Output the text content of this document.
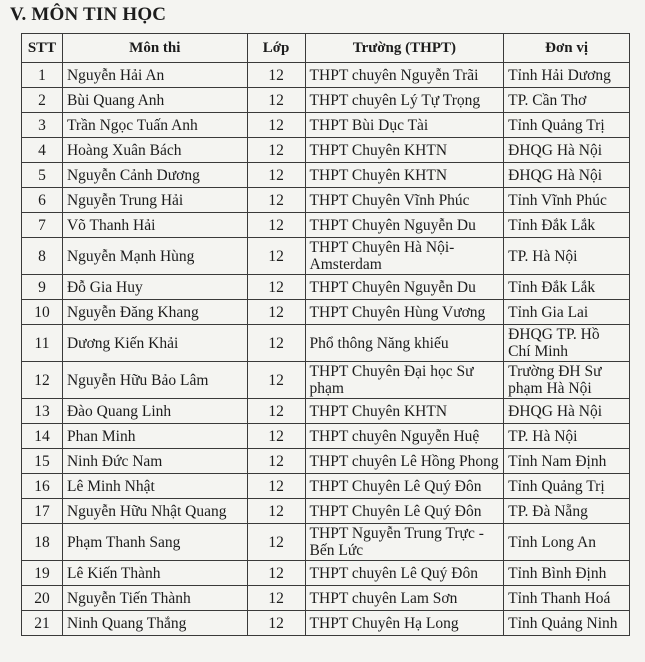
V. MÔN TIN HỌC
STT	Môn thi	Lớp	Trường (THPT)	Đơn vị
1	Nguyễn Hải An	12	THPT chuyên Nguyễn Trãi	Tỉnh Hải Dương
2	Bùi Quang Anh	12	THPT chuyên Lý Tự Trọng	TP. Cần Thơ
3	Trần Ngọc Tuấn Anh	12	THPT Bùi Dục Tài	Tỉnh Quảng Trị
4	Hoàng Xuân Bách	12	THPT Chuyên KHTN	ĐHQG Hà Nội
5	Nguyễn Cảnh Dương	12	THPT Chuyên KHTN	ĐHQG Hà Nội
6	Nguyễn Trung Hải	12	THPT Chuyên Vĩnh Phúc	Tỉnh Vĩnh Phúc
7	Võ Thanh Hải	12	THPT Chuyên Nguyễn Du	Tỉnh Đắk Lắk
8	Nguyễn Mạnh Hùng	12	THPT Chuyên Hà Nội-Amsterdam	TP. Hà Nội
9	Đỗ Gia Huy	12	THPT Chuyên Nguyễn Du	Tỉnh Đắk Lắk
10	Nguyễn Đăng Khang	12	THPT Chuyên Hùng Vương	Tỉnh Gia Lai
11	Dương Kiến Khải	12	Phổ thông Năng khiếu	ĐHQG TP. Hồ Chí Minh
12	Nguyễn Hữu Bảo Lâm	12	THPT Chuyên Đại học Sư phạm	Trường ĐH Sư phạm Hà Nội
13	Đào Quang Linh	12	THPT Chuyên KHTN	ĐHQG Hà Nội
14	Phan Minh	12	THPT chuyên Nguyễn Huệ	TP. Hà Nội
15	Ninh Đức Nam	12	THPT chuyên Lê Hồng Phong	Tỉnh Nam Định
16	Lê Minh Nhật	12	THPT Chuyên Lê Quý Đôn	Tỉnh Quảng Trị
17	Nguyễn Hữu Nhật Quang	12	THPT Chuyên Lê Quý Đôn	TP. Đà Nẵng
18	Phạm Thanh Sang	12	THPT Nguyễn Trung Trực - Bến Lức	Tỉnh Long An
19	Lê Kiến Thành	12	THPT chuyên Lê Quý Đôn	Tỉnh Bình Định
20	Nguyễn Tiến Thành	12	THPT chuyên Lam Sơn	Tỉnh Thanh Hoá
21	Ninh Quang Thắng	12	THPT Chuyên Hạ Long	Tỉnh Quảng Ninh
